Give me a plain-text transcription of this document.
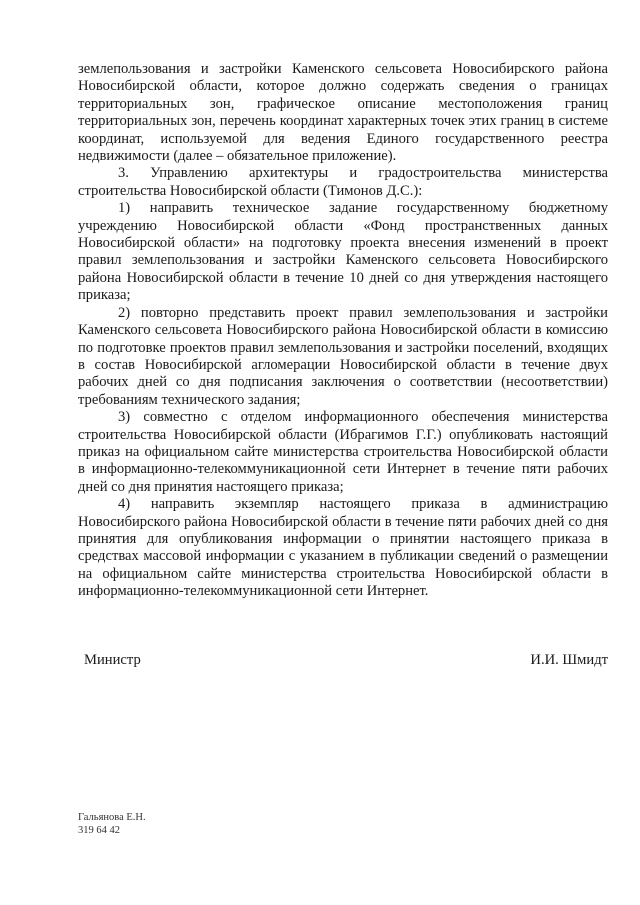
землепользования и застройки Каменского сельсовета Новосибирского района Новосибирской области, которое должно содержать сведения о границах территориальных зон, графическое описание местоположения границ территориальных зон, перечень координат характерных точек этих границ в системе координат, используемой для ведения Единого государственного реестра недвижимости (далее – обязательное приложение).

3. Управлению архитектуры и градостроительства министерства строительства Новосибирской области (Тимонов Д.С.):

1) направить техническое задание государственному бюджетному учреждению Новосибирской области «Фонд пространственных данных Новосибирской области» на подготовку проекта внесения изменений в проект правил землепользования и застройки Каменского сельсовета Новосибирского района Новосибирской области в течение 10 дней со дня утверждения настоящего приказа;

2) повторно представить проект правил землепользования и застройки Каменского сельсовета Новосибирского района Новосибирской области в комиссию по подготовке проектов правил землепользования и застройки поселений, входящих в состав Новосибирской агломерации Новосибирской области в течение двух рабочих дней со дня подписания заключения о соответствии (несоответствии) требованиям технического задания;

3) совместно с отделом информационного обеспечения министерства строительства Новосибирской области (Ибрагимов Г.Г.) опубликовать настоящий приказ на официальном сайте министерства строительства Новосибирской области в информационно-телекоммуникационной сети Интернет в течение пяти рабочих дней со дня принятия настоящего приказа;

4) направить экземпляр настоящего приказа в администрацию Новосибирского района Новосибирской области в течение пяти рабочих дней со дня принятия для опубликования информации о принятии настоящего приказа в средствах массовой информации с указанием в публикации сведений о размещении на официальном сайте министерства строительства Новосибирской области в информационно-телекоммуникационной сети Интернет.

Министр	И.И. Шмидт
Гальянова Е.Н.
319 64 42
